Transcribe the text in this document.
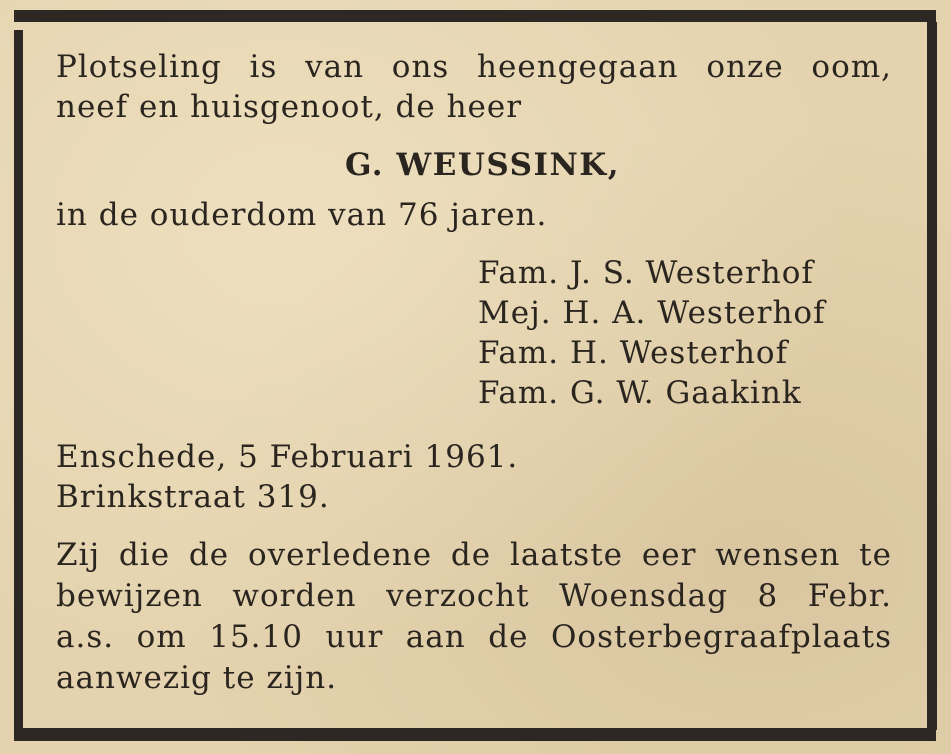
Plotseling is van ons heengegaan onze oom,

neef en huisgenoot, de heer

G. WEUSSINK,

in de ouderdom van 76 jaren.

Fam. J. S. Westerhof

Mej. H. A. Westerhof

Fam. H. Westerhof

Fam. G. W. Gaakink

Enschede, 5 Februari 1961.

Brinkstraat 319.

Zij die de overledene de laatste eer wensen te

bewijzen worden verzocht Woensdag 8 Febr.

a.s. om 15.10 uur aan de Oosterbegraafplaats

aanwezig te zijn.
